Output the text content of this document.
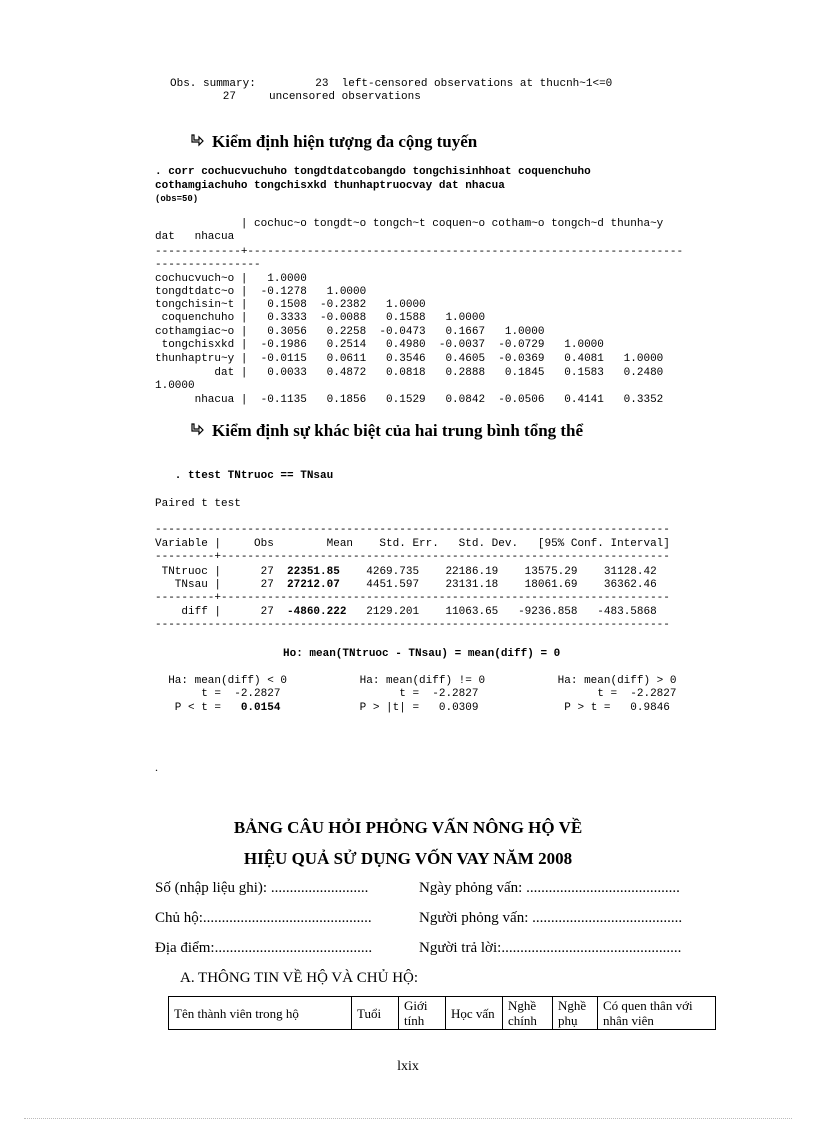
Obs. summary:         23  left-censored observations at thucnh~1<=0
27     uncensored observations
Kiểm định hiện tượng đa cộng tuyến
. corr cochucvuchuho tongdtdatcobangdo tongchisinhhoat coquenchuho
cothamgiachuho tongchisxkd thunhaptruocvay dat nhacua
(obs=50)
| cochuc~o tongdt~o tongch~t coquen~o cotham~o tongch~d thunha~y
dat   nhacua
-------------+------------------------------------------------------------------
----------------
cochucvuch~o |   1.0000
tongdtdatc~o |  -0.1278   1.0000
tongchisin~t |   0.1508  -0.2382   1.0000
coquenchuho |   0.3333  -0.0088   0.1588   1.0000
cothamgiac~o |   0.3056   0.2258  -0.0473   0.1667   1.0000
tongchisxkd |  -0.1986   0.2514   0.4980  -0.0037  -0.0729   1.0000
thunhaptru~y |  -0.0115   0.0611   0.3546   0.4605  -0.0369   0.4081   1.0000
dat |   0.0033   0.4872   0.0818   0.2888   0.1845   0.1583   0.2480
1.0000
nhacua |  -0.1135   0.1856   0.1529   0.0842  -0.0506   0.4141   0.3352
Kiểm định sự khác biệt của hai trung bình tổng thể
. ttest TNtruoc == TNsau
Paired t test
------------------------------------------------------------------------------
Variable |     Obs        Mean    Std. Err.   Std. Dev.   [95% Conf. Interval]
---------+--------------------------------------------------------------------
TNtruoc |      27  22351.85    4269.735    22186.19    13575.29    31128.42
TNsau |      27  27212.07    4451.597    23131.18    18061.69    36362.46
---------+--------------------------------------------------------------------
diff |      27  -4860.222   2129.201    11063.65   -9236.858   -483.5868
------------------------------------------------------------------------------
Ho: mean(TNtruoc - TNsau) = mean(diff) = 0
Ha: mean(diff) < 0           Ha: mean(diff) != 0           Ha: mean(diff) > 0
t =  -2.2827                  t =  -2.2827                  t =  -2.2827
P < t =   0.0154            P > |t| =   0.0309             P > t =   0.9846
.
BẢNG CÂU HỎI PHỎNG VẤN NÔNG HỘ VỀ
HIỆU QUẢ SỬ DỤNG VỐN VAY NĂM 2008
Số (nhập liệu ghi): ..........................	Ngày phỏng vấn: .........................................
Chủ hộ:.............................................	Người phỏng vấn: ........................................
Địa điểm:..........................................	Người trả lời:................................................
A. THÔNG TIN VỀ HỘ VÀ CHỦ HỘ:
Tên thành viên trong hộ	Tuổi	Giới tính	Học vấn	Nghề chính	Nghề phụ	Có quen thân với nhân viên
lxix
